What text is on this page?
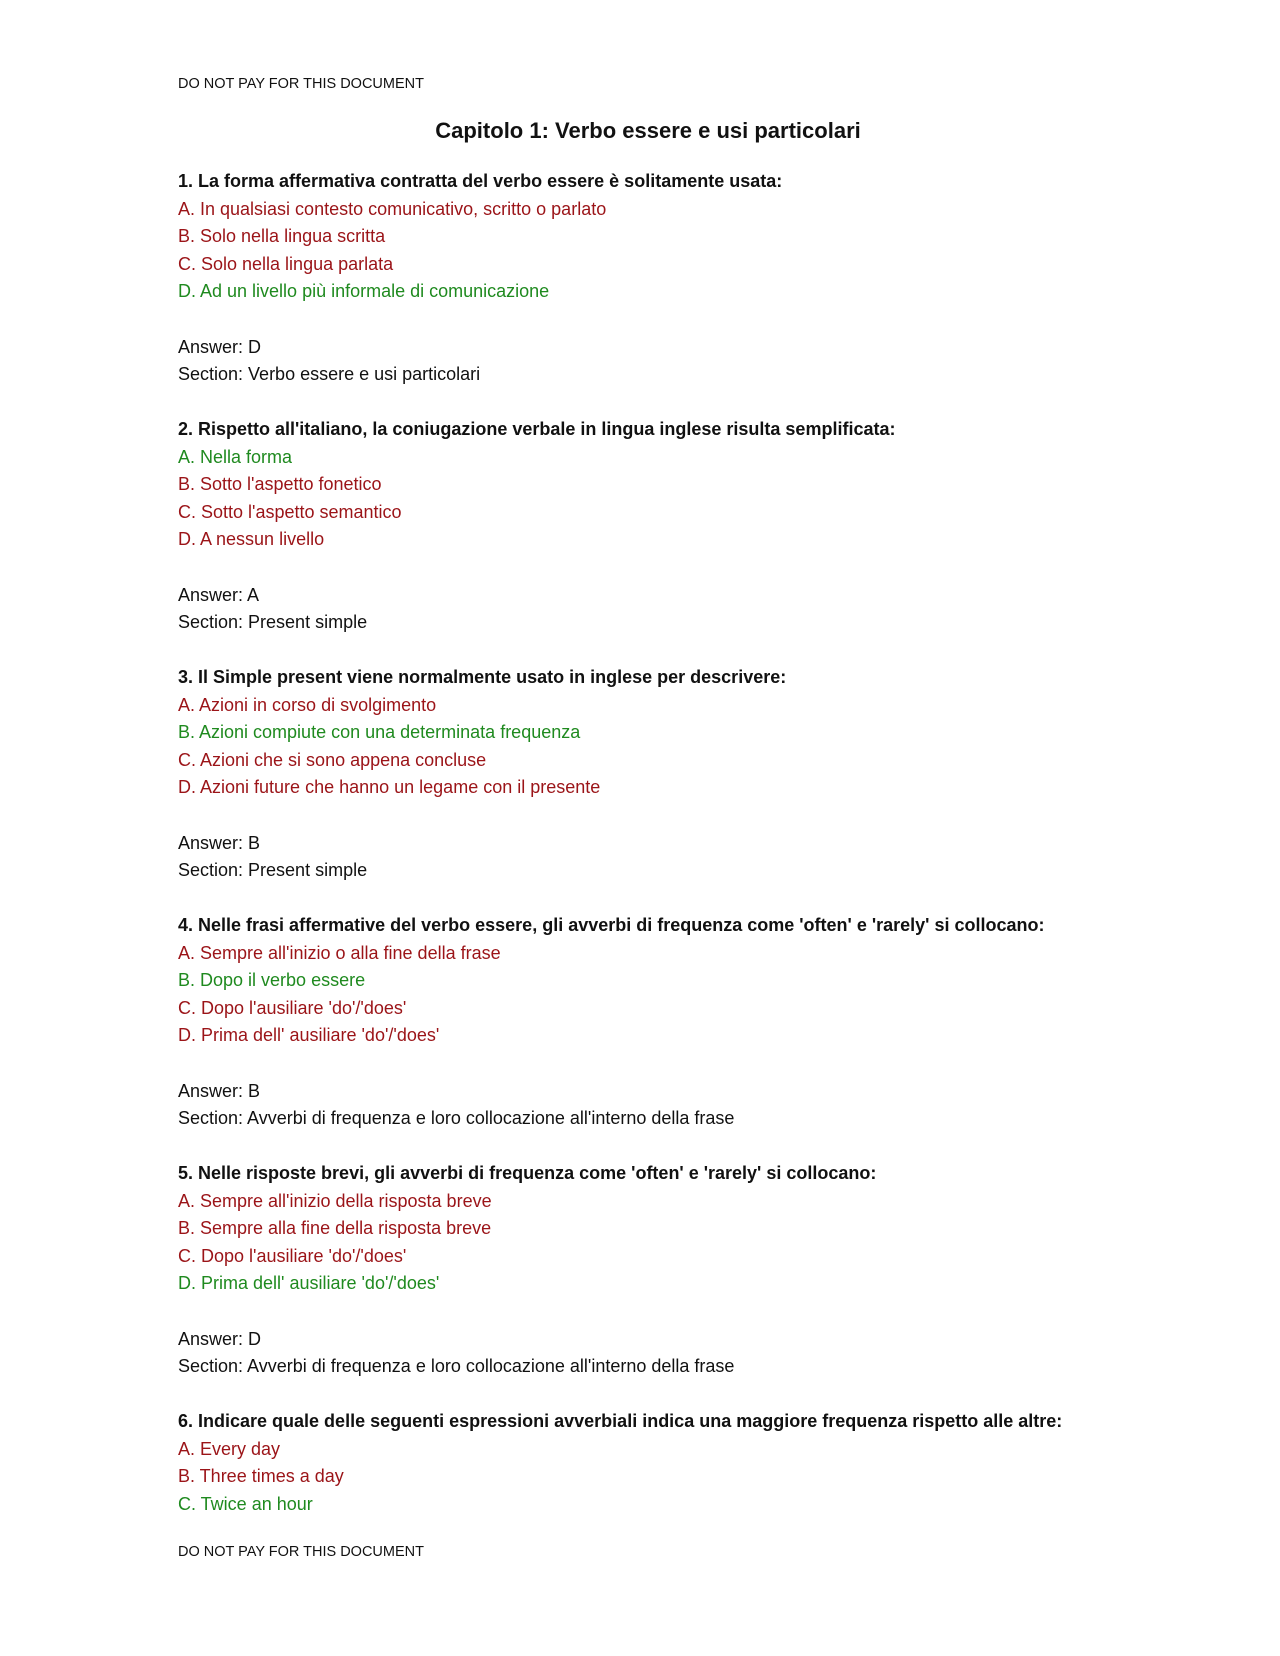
DO NOT PAY FOR THIS DOCUMENT
Capitolo 1: Verbo essere e usi particolari
1. La forma affermativa contratta del verbo essere è solitamente usata:
A. In qualsiasi contesto comunicativo, scritto o parlato
B. Solo nella lingua scritta
C. Solo nella lingua parlata
D. Ad un livello più informale di comunicazione
Answer: D
Section: Verbo essere e usi particolari
2. Rispetto all'italiano, la coniugazione verbale in lingua inglese risulta semplificata:
A. Nella forma
B. Sotto l'aspetto fonetico
C. Sotto l'aspetto semantico
D. A nessun livello
Answer: A
Section: Present simple
3. Il Simple present viene normalmente usato in inglese per descrivere:
A. Azioni in corso di svolgimento
B. Azioni compiute con una determinata frequenza
C. Azioni che si sono appena concluse
D. Azioni future che hanno un legame con il presente
Answer: B
Section: Present simple
4. Nelle frasi affermative del verbo essere, gli avverbi di frequenza come 'often' e 'rarely' si collocano:
A. Sempre all'inizio o alla fine della frase
B. Dopo il verbo essere
C. Dopo l'ausiliare 'do'/'does'
D. Prima dell' ausiliare 'do'/'does'
Answer: B
Section: Avverbi di frequenza e loro collocazione all'interno della frase
5. Nelle risposte brevi, gli avverbi di frequenza come 'often' e 'rarely' si collocano:
A. Sempre all'inizio della risposta breve
B. Sempre alla fine della risposta breve
C. Dopo l'ausiliare 'do'/'does'
D. Prima dell' ausiliare 'do'/'does'
Answer: D
Section: Avverbi di frequenza e loro collocazione all'interno della frase
6. Indicare quale delle seguenti espressioni avverbiali indica una maggiore frequenza rispetto alle altre:
A. Every day
B. Three times a day
C. Twice an hour
DO NOT PAY FOR THIS DOCUMENT
